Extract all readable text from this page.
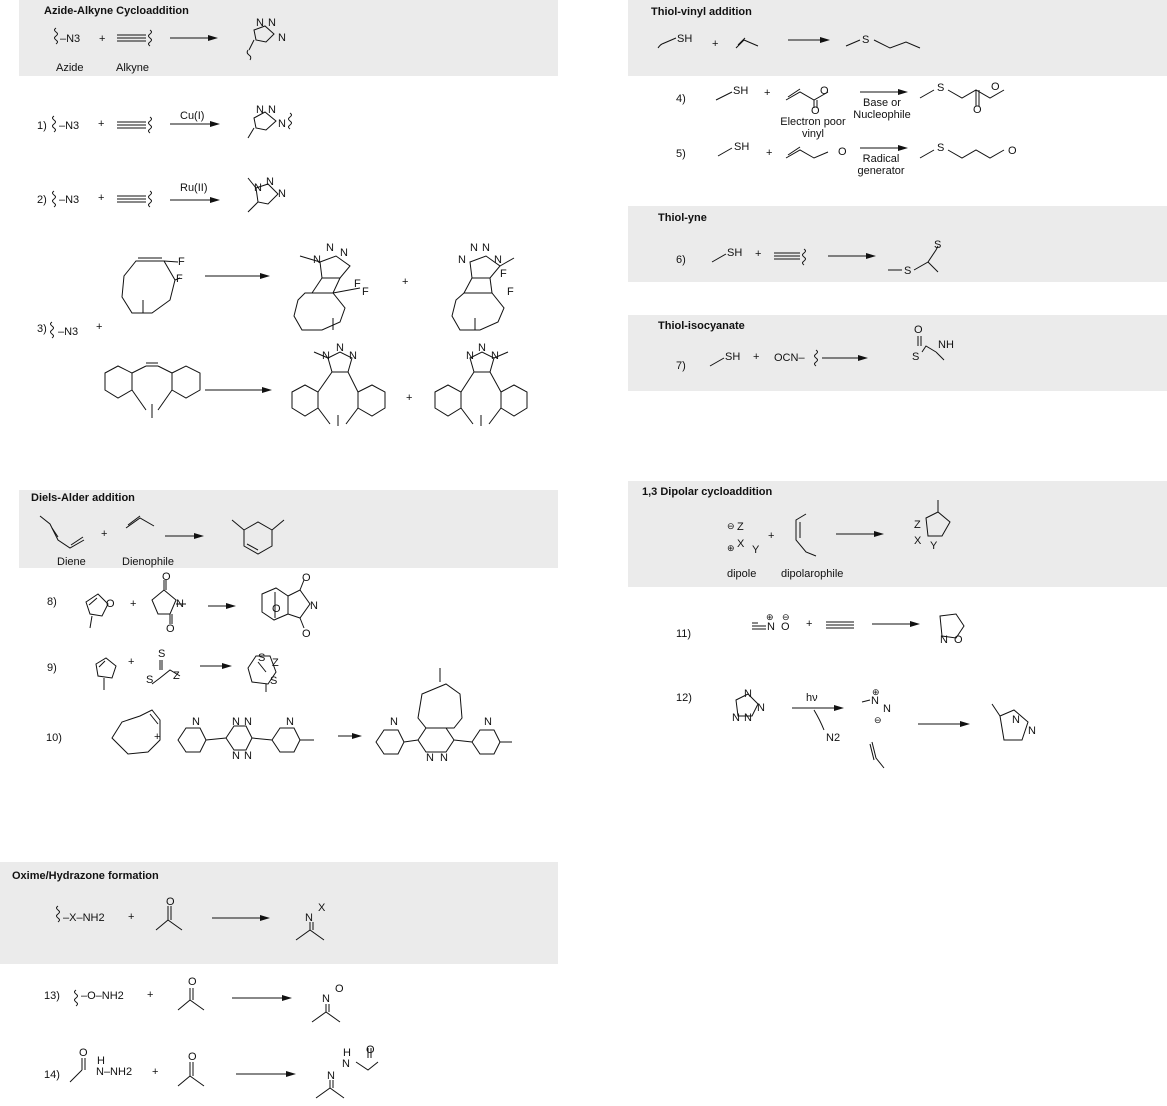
Azide-Alkyne Cycloaddition	Thiol-vinyl addition
Thiol-yne
Thiol-isocyanate
Diels-Alder addition	1,3 Dipolar cycloaddition
Oxime/Hydrazone formation
–N3 +
N N
N
Azide	Alkyne
1) –N3 +
Cu(I)	N N
N
2) –N3 +
Ru(II)	N N
N
3) –N3 +
F
F
N
N N
F
F
+
N
N N
N
F
F
N
N
N
+
N
N
N
SH +	S
4)
SH +	O
O
Electron poor
vinyl
Base or
Nucleophile
S	O
O
5)
SH +	O
Radical
generator
S	O
6)
SH +
S
S
7)
SH + OCN–
O
NH
S
+
Diene	Dienophile
8)	O +
O
N
O
O
O
N
O
9)	+
S
S Z
S Z
S
10)	+
N	N N
N N
N	N
N N
N
⊖ Z
⊕ X Y
+
Z
X Y
dipole dipolarophile
11)
N
⊕
O
⊖
+
N O
12)	N
N
N N
hν
N2
⊕
N
N
⊖	N
N
–X–NH2 +
O
N
X
13) –O–NH2 +
O
N
O
14)
O
H
N–NH2 +
O
N
H
N
O
